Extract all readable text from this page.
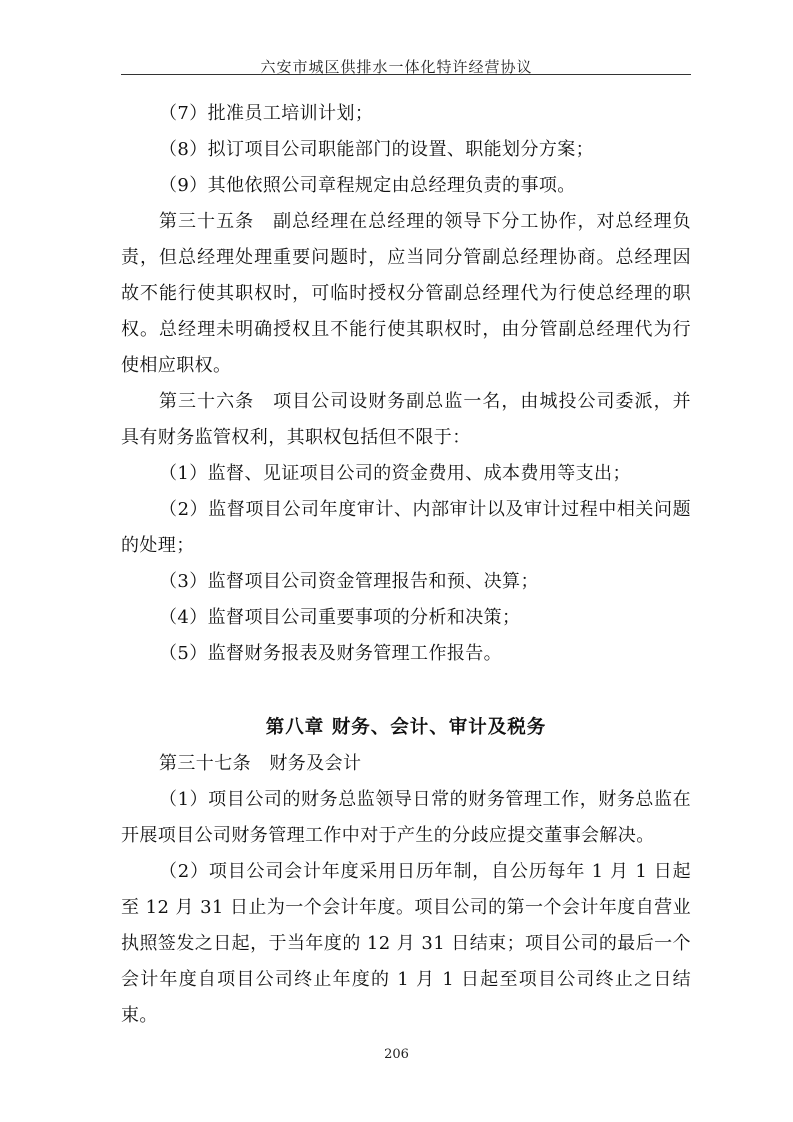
六安市城区供排水一体化特许经营协议

（7）批准员工培训计划；

（8）拟订项目公司职能部门的设置、职能划分方案；

（9）其他依照公司章程规定由总经理负责的事项。

第三十五条　副总经理在总经理的领导下分工协作，对总经理负责，但总经理处理重要问题时，应当同分管副总经理协商。总经理因故不能行使其职权时，可临时授权分管副总经理代为行使总经理的职权。总经理未明确授权且不能行使其职权时，由分管副总经理代为行使相应职权。

第三十六条　项目公司设财务副总监一名，由城投公司委派，并具有财务监管权利，其职权包括但不限于：

（1）监督、见证项目公司的资金费用、成本费用等支出；

（2）监督项目公司年度审计、内部审计以及审计过程中相关问题的处理；

（3）监督项目公司资金管理报告和预、决算；

（4）监督项目公司重要事项的分析和决策；

（5）监督财务报表及财务管理工作报告。

第八章 财务、会计、审计及税务

第三十七条　财务及会计

（1）项目公司的财务总监领导日常的财务管理工作，财务总监在开展项目公司财务管理工作中对于产生的分歧应提交董事会解决。

（2）项目公司会计年度采用日历年制，自公历每年 1 月 1 日起至 12 月 31 日止为一个会计年度。项目公司的第一个会计年度自营业执照签发之日起，于当年度的 12 月 31 日结束；项目公司的最后一个会计年度自项目公司终止年度的 1 月 1 日起至项目公司终止之日结束。

206
